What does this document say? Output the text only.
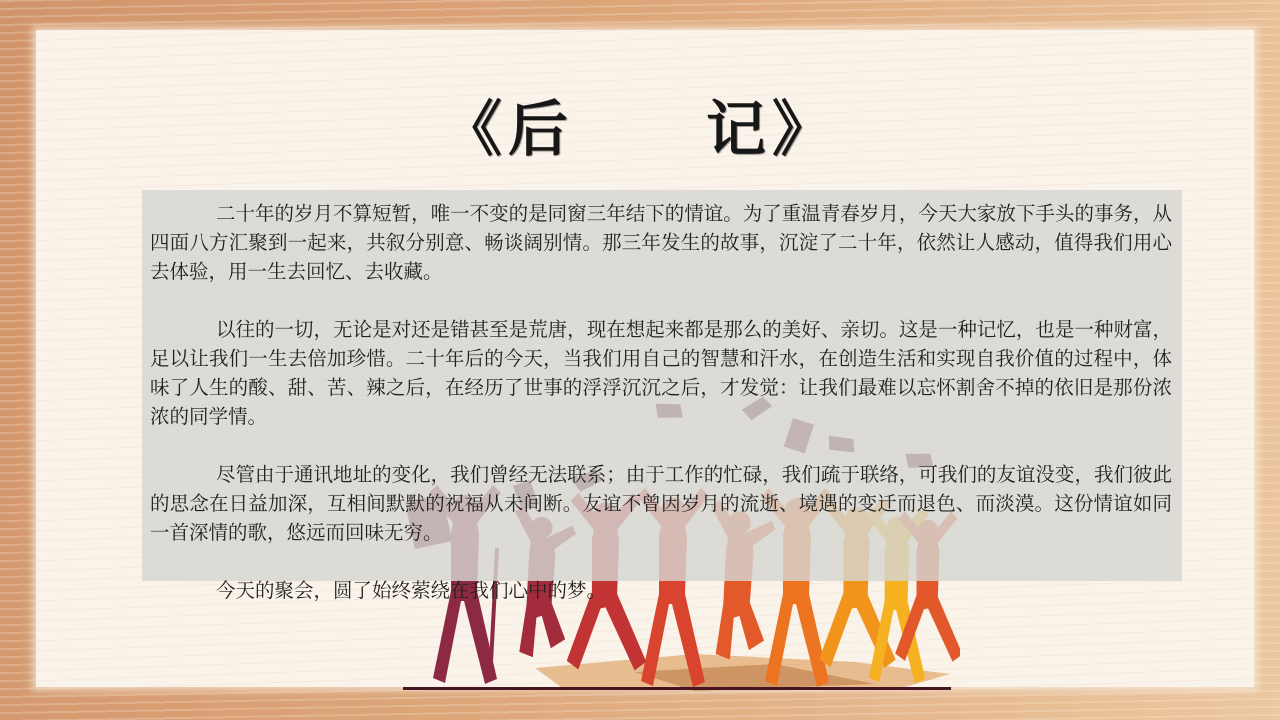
《后　　记》

二十年的岁月不算短暂，唯一不变的是同窗三年结下的情谊。为了重温青春岁月，今天大家放下手头的事务，从四面八方汇聚到一起来，共叙分别意、畅谈阔别情。那三年发生的故事，沉淀了二十年，依然让人感动，值得我们用心去体验，用一生去回忆、去收藏。

以往的一切，无论是对还是错甚至是荒唐，现在想起来都是那么的美好、亲切。这是一种记忆，也是一种财富，足以让我们一生去倍加珍惜。二十年后的今天，当我们用自己的智慧和汗水，在创造生活和实现自我价值的过程中，体味了人生的酸、甜、苦、辣之后，在经历了世事的浮浮沉沉之后，才发觉：让我们最难以忘怀割舍不掉的依旧是那份浓浓的同学情。

尽管由于通讯地址的变化，我们曾经无法联系；由于工作的忙碌，我们疏于联络，可我们的友谊没变，我们彼此的思念在日益加深，互相间默默的祝福从未间断。友谊不曾因岁月的流逝、境遇的变迁而退色、而淡漠。这份情谊如同一首深情的歌，悠远而回味无穷。

今天的聚会，圆了始终萦绕在我们心中的梦。
